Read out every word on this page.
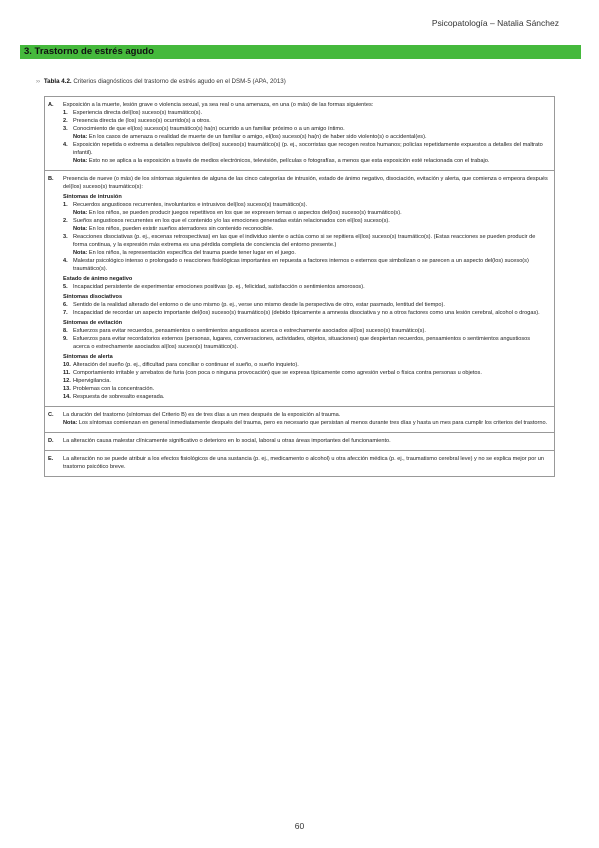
Psicopatología – Natalia Sánchez
3. Trastorno de estrés agudo
›› Tabla 4.2. Criterios diagnósticos del trastorno de estrés agudo en el DSM-5 (APA, 2013)
A. Exposición a la muerte, lesión grave o violencia sexual, ya sea real o una amenaza, en una (o más) de las formas siguientes:
1. Experiencia directa del(los) suceso(s) traumático(s).
2. Presencia directa de (los) suceso(s) ocurrido(s) a otros.
3. Conocimiento de que el(los) suceso(s) traumático(s) ha(n) ocurrido a un familiar próximo o a un amigo íntimo.
Nota: En los casos de amenaza o realidad de muerte de un familiar o amigo, el(los) suceso(s) ha(n) de haber sido violento(s) o accidental(es).
4. Exposición repetida o extrema a detalles repulsivos del(los) suceso(s) traumático(s) (p. ej., socorristas que recogen restos humanos; policías repetidamente expuestos a detalles del maltrato infantil).
Nota: Esto no se aplica a la exposición a través de medios electrónicos, televisión, películas o fotografías, a menos que esta exposición esté relacionada con el trabajo.
B. Presencia de nueve (o más) de los síntomas siguientes de alguna de las cinco categorías de intrusión, estado de ánimo negativo, disociación, evitación y alerta, que comienza o empeora después del(los) suceso(s) traumático(s):
Síntomas de intrusión
1. Recuerdos angustiosos recurrentes, involuntarios e intrusivos del(los) suceso(s) traumático(s).
Nota: En los niños, se pueden producir juegos repetitivos en los que se expresen temas o aspectos del(los) suceso(s) traumático(s).
2. Sueños angustiosos recurrentes en los que el contenido y/o las emociones generadas están relacionados con el(los) suceso(s).
Nota: En los niños, pueden existir sueños aterradores sin contenido reconocible.
3. Reacciones disociativas (p. ej., escenas retrospectivas) en las que el individuo siente o actúa como si se repitiera el(los) suceso(s) traumático(s). (Estas reacciones se pueden producir de forma continua, y la expresión más extrema es una pérdida completa de conciencia del entorno presente.)
Nota: En los niños, la representación específica del trauma puede tener lugar en el juego.
4. Malestar psicológico intenso o prolongado o reacciones fisiológicas importantes en repuesta a factores internos o externos que simbolizan o se parecen a un aspecto del(los) suceso(s) traumático(s).
Estado de ánimo negativo
5. Incapacidad persistente de experimentar emociones positivas (p. ej., felicidad, satisfacción o sentimientos amorosos).
Síntomas disociativos
6. Sentido de la realidad alterado del entorno o de uno mismo (p. ej., verse uno mismo desde la perspectiva de otro, estar pasmado, lentitud del tiempo).
7. Incapacidad de recordar un aspecto importante del(los) suceso(s) traumático(s) (debido típicamente a amnesia disociativa y no a otros factores como una lesión cerebral, alcohol o drogas).
Síntomas de evitación
8. Esfuerzos para evitar recuerdos, pensamientos o sentimientos angustiosos acerca o estrechamente asociados al(los) suceso(s) traumático(s).
9. Esfuerzos para evitar recordatorios externos (personas, lugares, conversaciones, actividades, objetos, situaciones) que despiertan recuerdos, pensamientos o sentimientos angustiosos acerca o estrechamente asociados al(los) suceso(s) traumático(s).
Síntomas de alerta
10. Alteración del sueño (p. ej., dificultad para conciliar o continuar el sueño, o sueño inquieto).
11. Comportamiento irritable y arrebatos de furia (con poca o ninguna provocación) que se expresa típicamente como agresión verbal o física contra personas u objetos.
12. Hipervigilancia.
13. Problemas con la concentración.
14. Respuesta de sobresalto exagerada.
C. La duración del trastorno (síntomas del Criterio B) es de tres días a un mes después de la exposición al trauma.
Nota: Los síntomas comienzan en general inmediatamente después del trauma, pero es necesario que persistan al menos durante tres días y hasta un mes para cumplir los criterios del trastorno.
D. La alteración causa malestar clínicamente significativo o deterioro en lo social, laboral u otras áreas importantes del funcionamiento.
E. La alteración no se puede atribuir a los efectos fisiológicos de una sustancia (p. ej., medicamento o alcohol) u otra afección médica (p. ej., traumatismo cerebral leve) y no se explica mejor por un trastorno psicótico breve.
60
